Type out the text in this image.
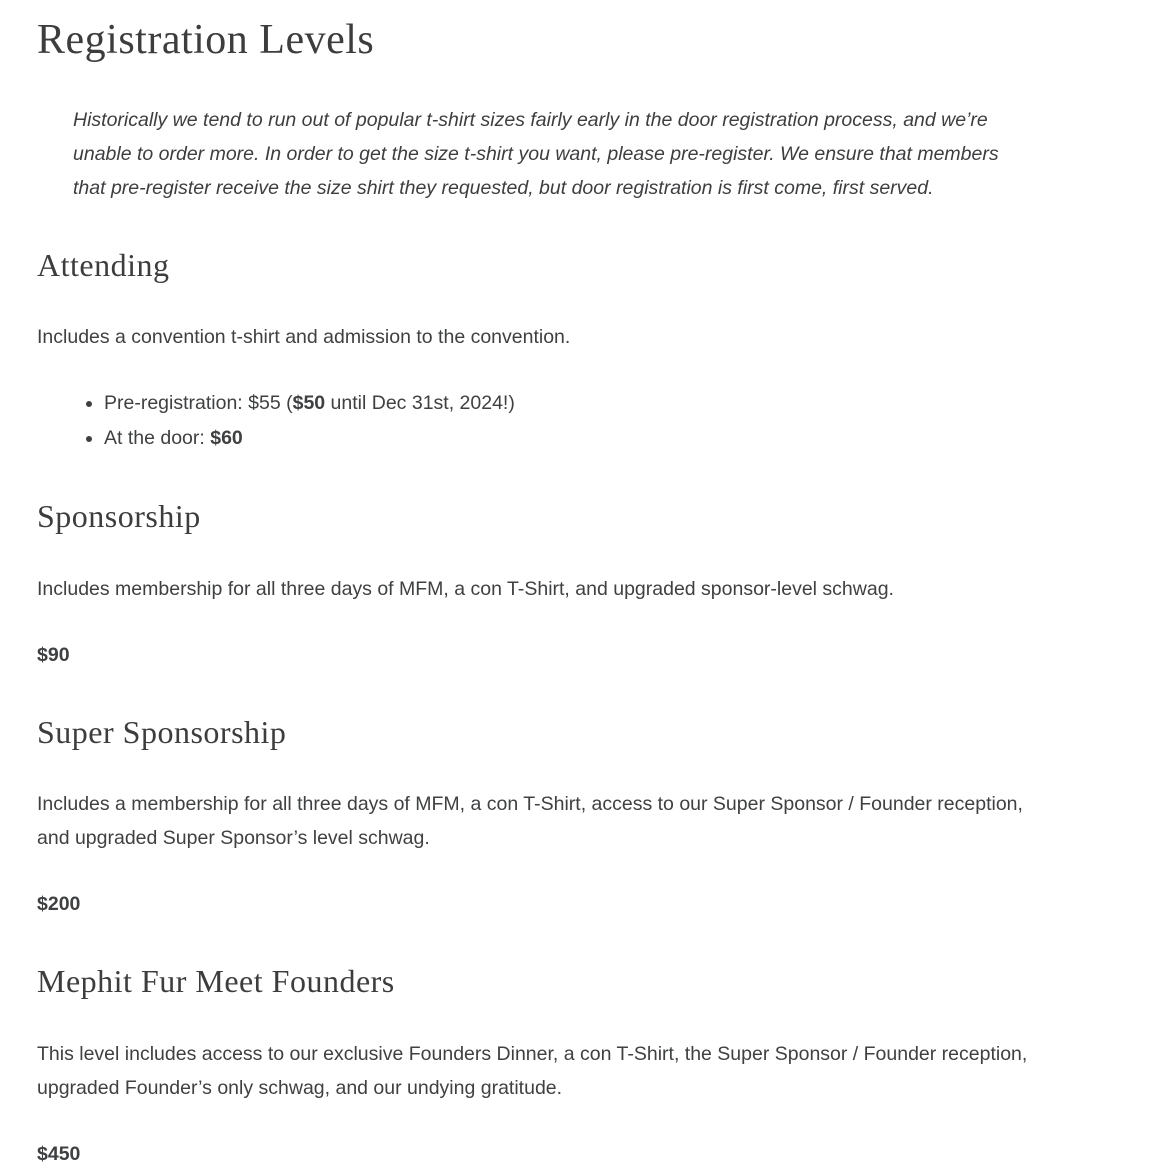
Registration Levels

Historically we tend to run out of popular t-shirt sizes fairly early in the door registration process, and we’re unable to order more. In order to get the size t-shirt you want, please pre-register. We ensure that members that pre-register receive the size shirt they requested, but door registration is first come, first served.

Attending

Includes a convention t-shirt and admission to the convention.

• Pre-registration: $55 ($50 until Dec 31st, 2024!)
• At the door: $60
Sponsorship

Includes membership for all three days of MFM, a con T-Shirt, and upgraded sponsor-level schwag.

$90

Super Sponsorship

Includes a membership for all three days of MFM, a con T-Shirt, access to our Super Sponsor / Founder reception, and upgraded Super Sponsor’s level schwag.

$200

Mephit Fur Meet Founders

This level includes access to our exclusive Founders Dinner, a con T-Shirt, the Super Sponsor / Founder reception, upgraded Founder’s only schwag, and our undying gratitude.

$450
